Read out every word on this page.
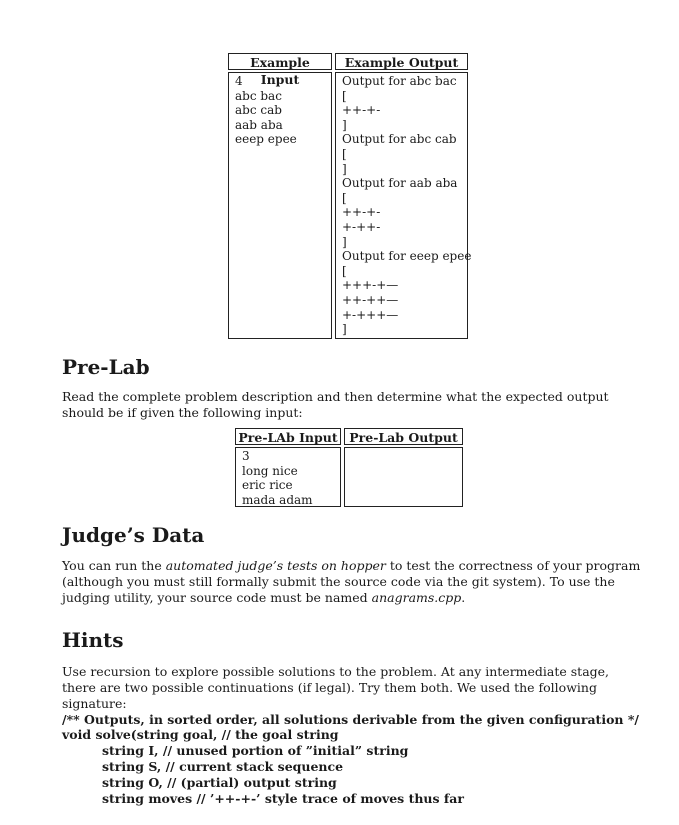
Example Input
Example Output
4
abc bac
abc cab
aab aba
eeep epee
Output for abc bac
[
++-+-
]
Output for abc cab
[
]
Output for aab aba
[
++-+-
+-++-
]
Output for eeep epee
[
+++-+—
++-++—
+-+++—
]
Pre-Lab

Read the complete problem description and then determine what the expected output should be if given the following input:

Pre-LAb Input Pre-Lab Output
3
long nice
eric rice
mada adam
Judge’s Data

You can run the automated judge’s tests on hopper to test the correctness of your program (although you must still formally submit the source code via the git system). To use the judging utility, your source code must be named anagrams.cpp.

Hints

Use recursion to explore possible solutions to the problem. At any intermediate stage, there are two possible continuations (if legal). Try them both. We used the following signature:

/** Outputs, in sorted order, all solutions derivable from the given configuration */
void solve(string goal, // the goal string
string I, // unused portion of ”initial” string
string S, // current stack sequence
string O, // (partial) output string
string moves // ’++-+-’ style trace of moves thus far
